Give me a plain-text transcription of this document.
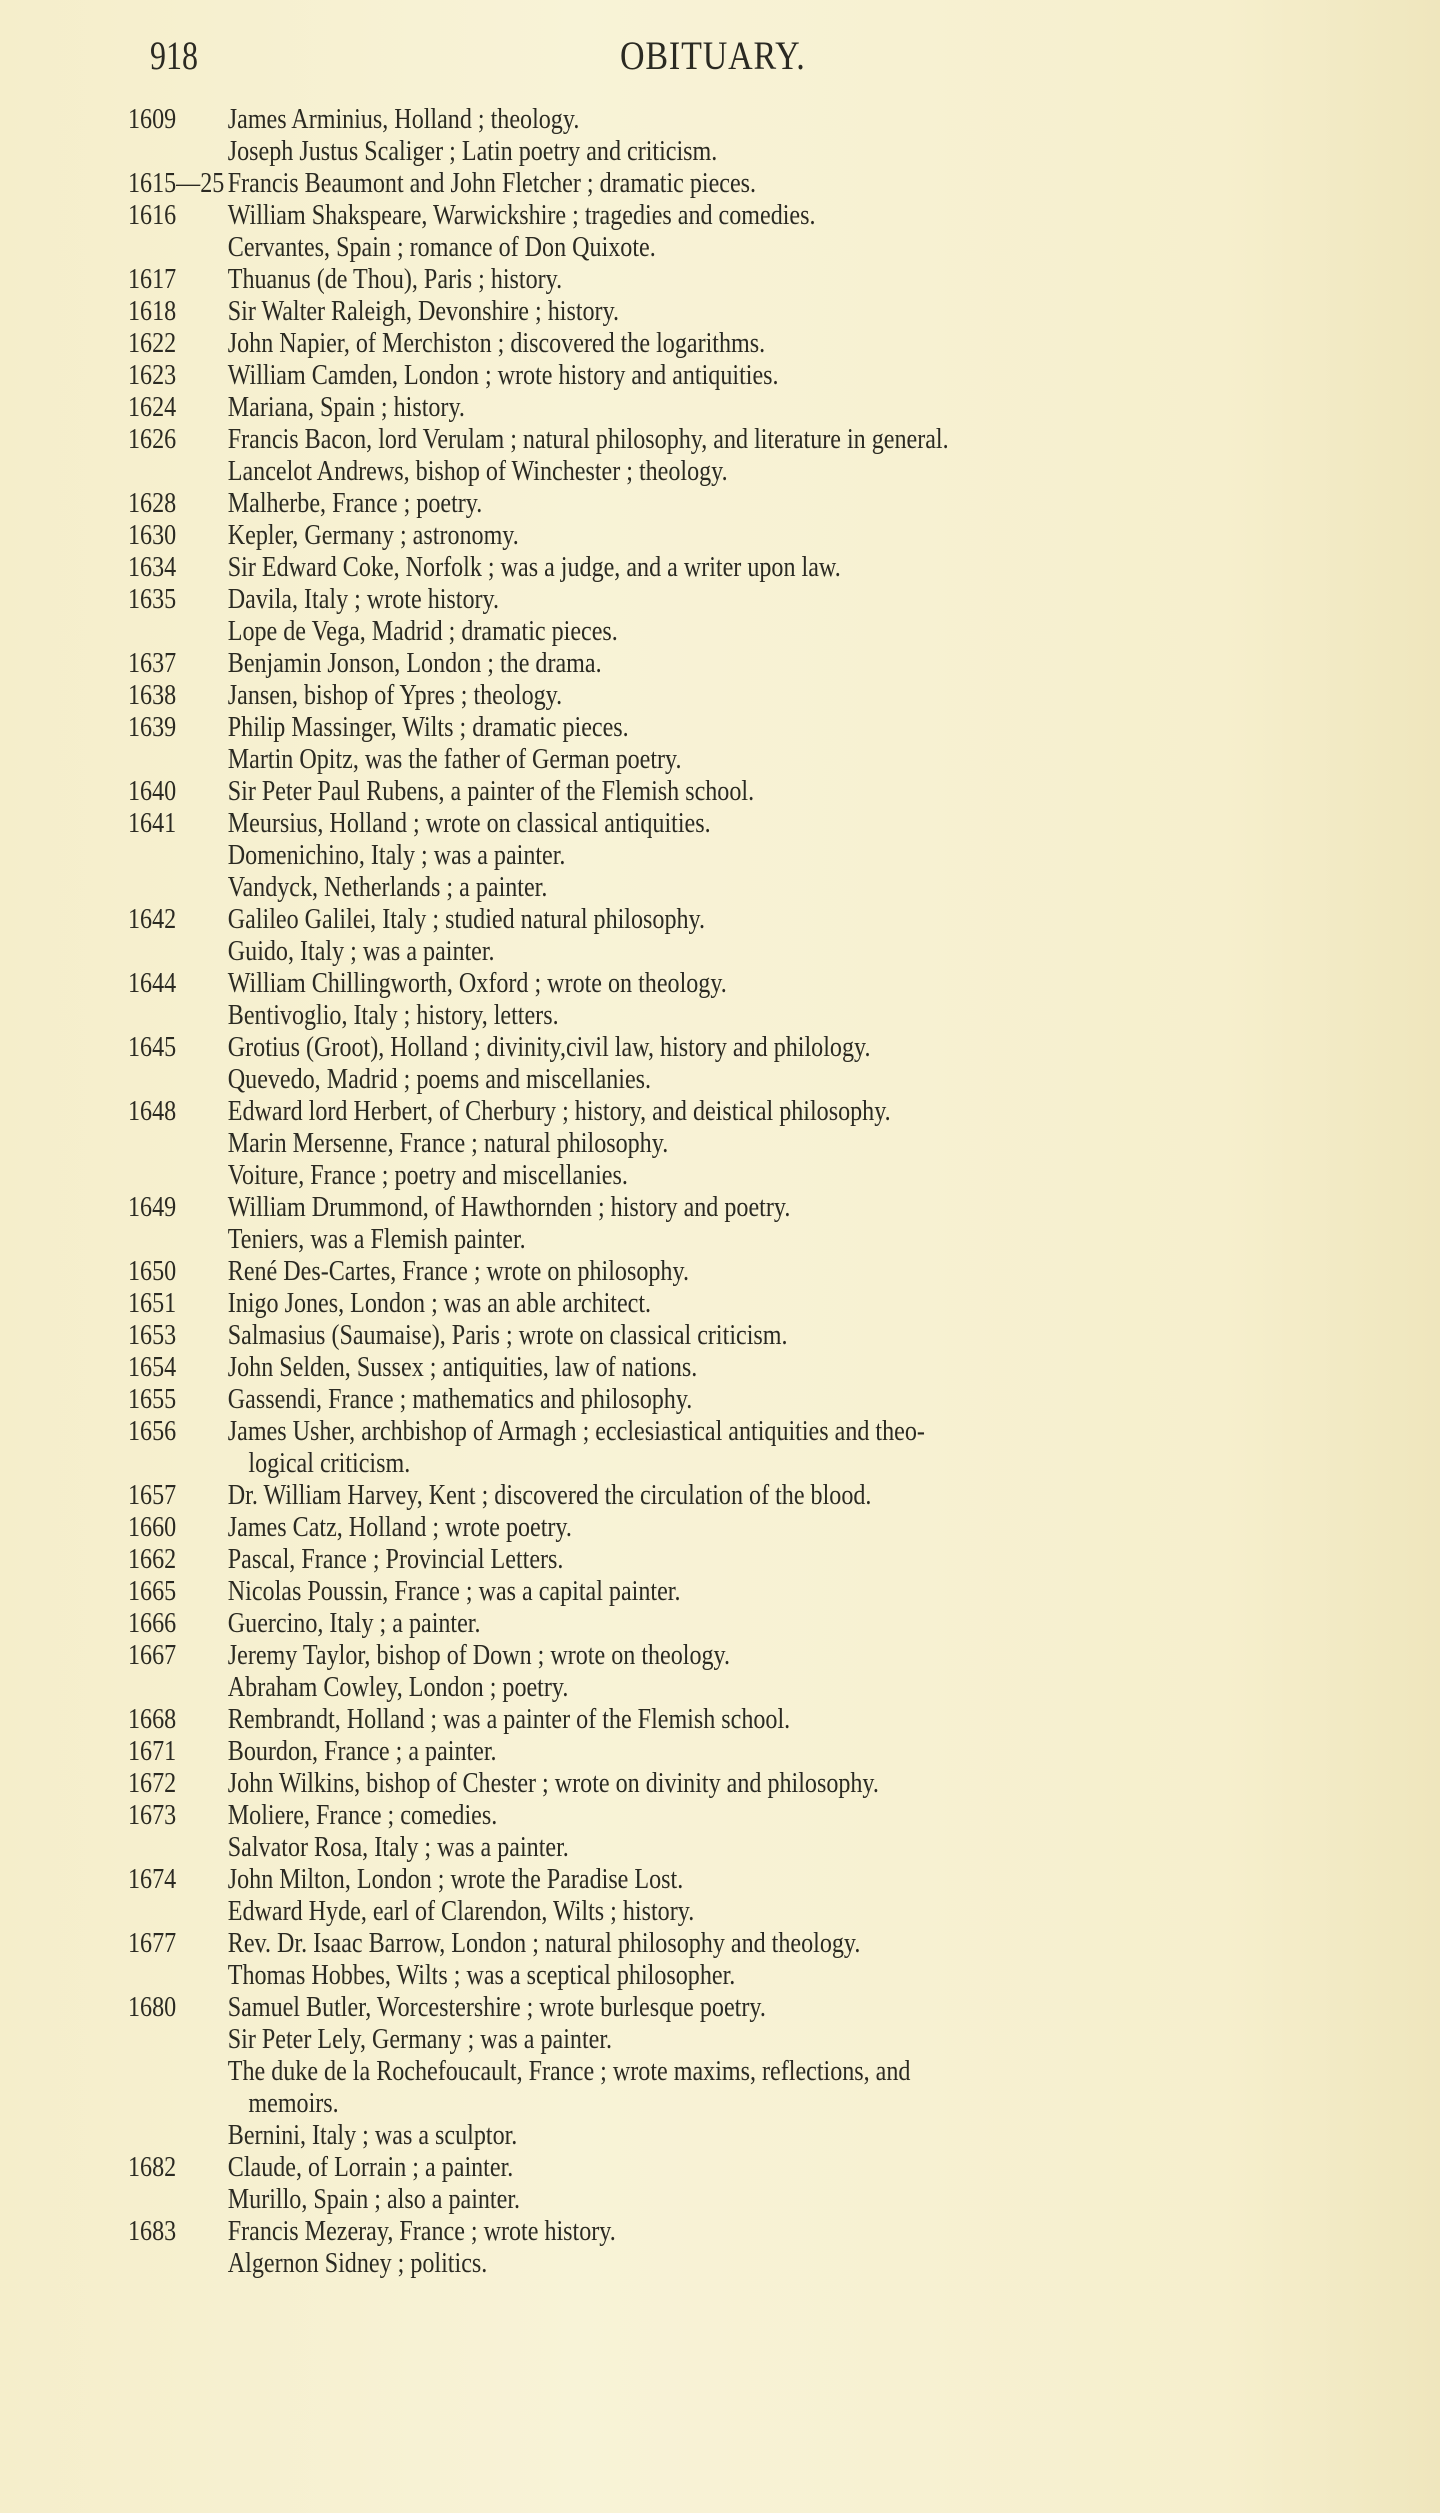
918	OBITUARY.
1609 James Arminius, Holland ; theology.
Joseph Justus Scaliger ; Latin poetry and criticism.
1615—25 Francis Beaumont and John Fletcher ; dramatic pieces.
1616 William Shakspeare, Warwickshire ; tragedies and comedies.
Cervantes, Spain ; romance of Don Quixote.
1617 Thuanus (de Thou), Paris ; history.
1618 Sir Walter Raleigh, Devonshire ; history.
1622 John Napier, of Merchiston ; discovered the logarithms.
1623 William Camden, London ; wrote history and antiquities.
1624 Mariana, Spain ; history.
1626 Francis Bacon, lord Verulam ; natural philosophy, and literature in general.
Lancelot Andrews, bishop of Winchester ; theology.
1628 Malherbe, France ; poetry.
1630 Kepler, Germany ; astronomy.
1634 Sir Edward Coke, Norfolk ; was a judge, and a writer upon law.
1635 Davila, Italy ; wrote history.
Lope de Vega, Madrid ; dramatic pieces.
1637 Benjamin Jonson, London ; the drama.
1638 Jansen, bishop of Ypres ; theology.
1639 Philip Massinger, Wilts ; dramatic pieces.
Martin Opitz, was the father of German poetry.
1640 Sir Peter Paul Rubens, a painter of the Flemish school.
1641 Meursius, Holland ; wrote on classical antiquities.
Domenichino, Italy ; was a painter.
Vandyck, Netherlands ; a painter.
1642 Galileo Galilei, Italy ; studied natural philosophy.
Guido, Italy ; was a painter.
1644 William Chillingworth, Oxford ; wrote on theology.
Bentivoglio, Italy ; history, letters.
1645 Grotius (Groot), Holland ; divinity,civil law, history and philology.
Quevedo, Madrid ; poems and miscellanies.
1648 Edward lord Herbert, of Cherbury ; history, and deistical philosophy.
Marin Mersenne, France ; natural philosophy.
Voiture, France ; poetry and miscellanies.
1649 William Drummond, of Hawthornden ; history and poetry.
Teniers, was a Flemish painter.
1650 René Des-Cartes, France ; wrote on philosophy.
1651 Inigo Jones, London ; was an able architect.
1653 Salmasius (Saumaise), Paris ; wrote on classical criticism.
1654 John Selden, Sussex ; antiquities, law of nations.
1655 Gassendi, France ; mathematics and philosophy.
1656 James Usher, archbishop of Armagh ; ecclesiastical antiquities and theo-
logical criticism.
1657 Dr. William Harvey, Kent ; discovered the circulation of the blood.
1660 James Catz, Holland ; wrote poetry.
1662 Pascal, France ; Provincial Letters.
1665 Nicolas Poussin, France ; was a capital painter.
1666 Guercino, Italy ; a painter.
1667 Jeremy Taylor, bishop of Down ; wrote on theology.
Abraham Cowley, London ; poetry.
1668 Rembrandt, Holland ; was a painter of the Flemish school.
1671 Bourdon, France ; a painter.
1672 John Wilkins, bishop of Chester ; wrote on divinity and philosophy.
1673 Moliere, France ; comedies.
Salvator Rosa, Italy ; was a painter.
1674 John Milton, London ; wrote the Paradise Lost.
Edward Hyde, earl of Clarendon, Wilts ; history.
1677 Rev. Dr. Isaac Barrow, London ; natural philosophy and theology.
Thomas Hobbes, Wilts ; was a sceptical philosopher.
1680 Samuel Butler, Worcestershire ; wrote burlesque poetry.
Sir Peter Lely, Germany ; was a painter.
The duke de la Rochefoucault, France ; wrote maxims, reflections, and
memoirs.
Bernini, Italy ; was a sculptor.
1682 Claude, of Lorrain ; a painter.
Murillo, Spain ; also a painter.
1683 Francis Mezeray, France ; wrote history.
Algernon Sidney ; politics.
